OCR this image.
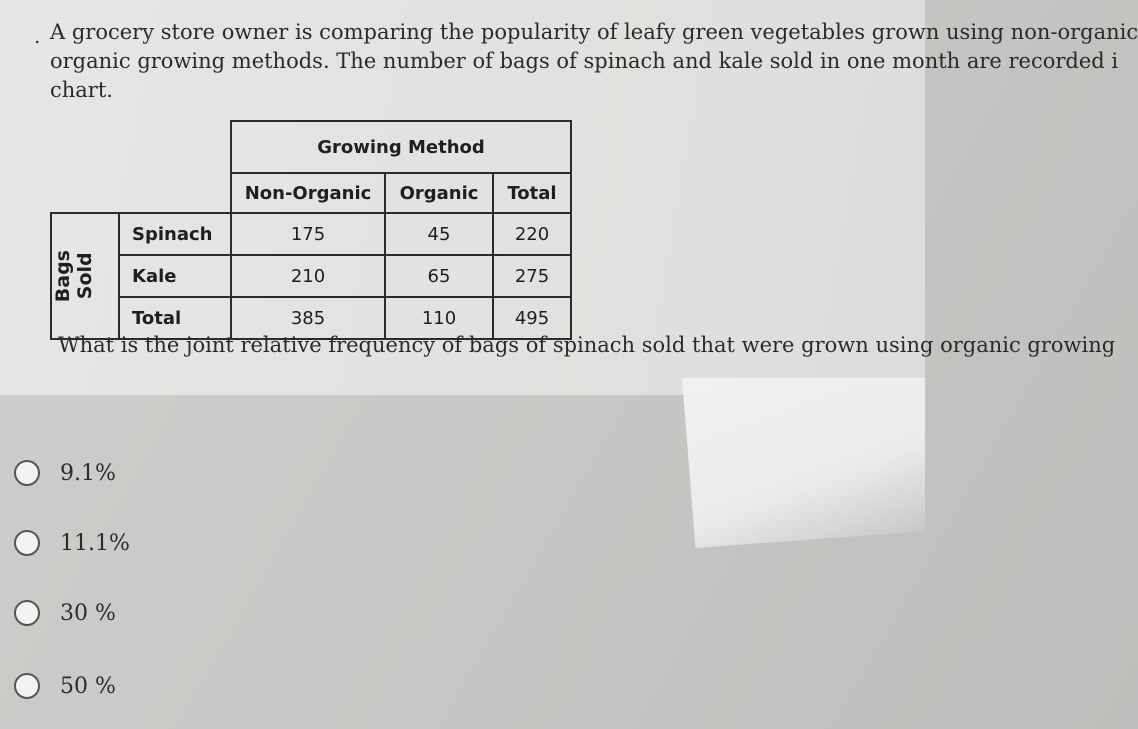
. A grocery store owner is comparing the popularity of leafy green vegetables grown using non-organic
organic growing methods. The number of bags of spinach and kale sold in one month are recorded i
chart.
		Growing Method		
		Non-Organic	Organic	Total

Bags
Sold	Spinach	175	45	220
	Kale	210	65	275
	Total	385	110	495
What is the joint relative frequency of bags of spinach sold that were grown using organic growing
9.1%
11.1%
30 %
50 %
